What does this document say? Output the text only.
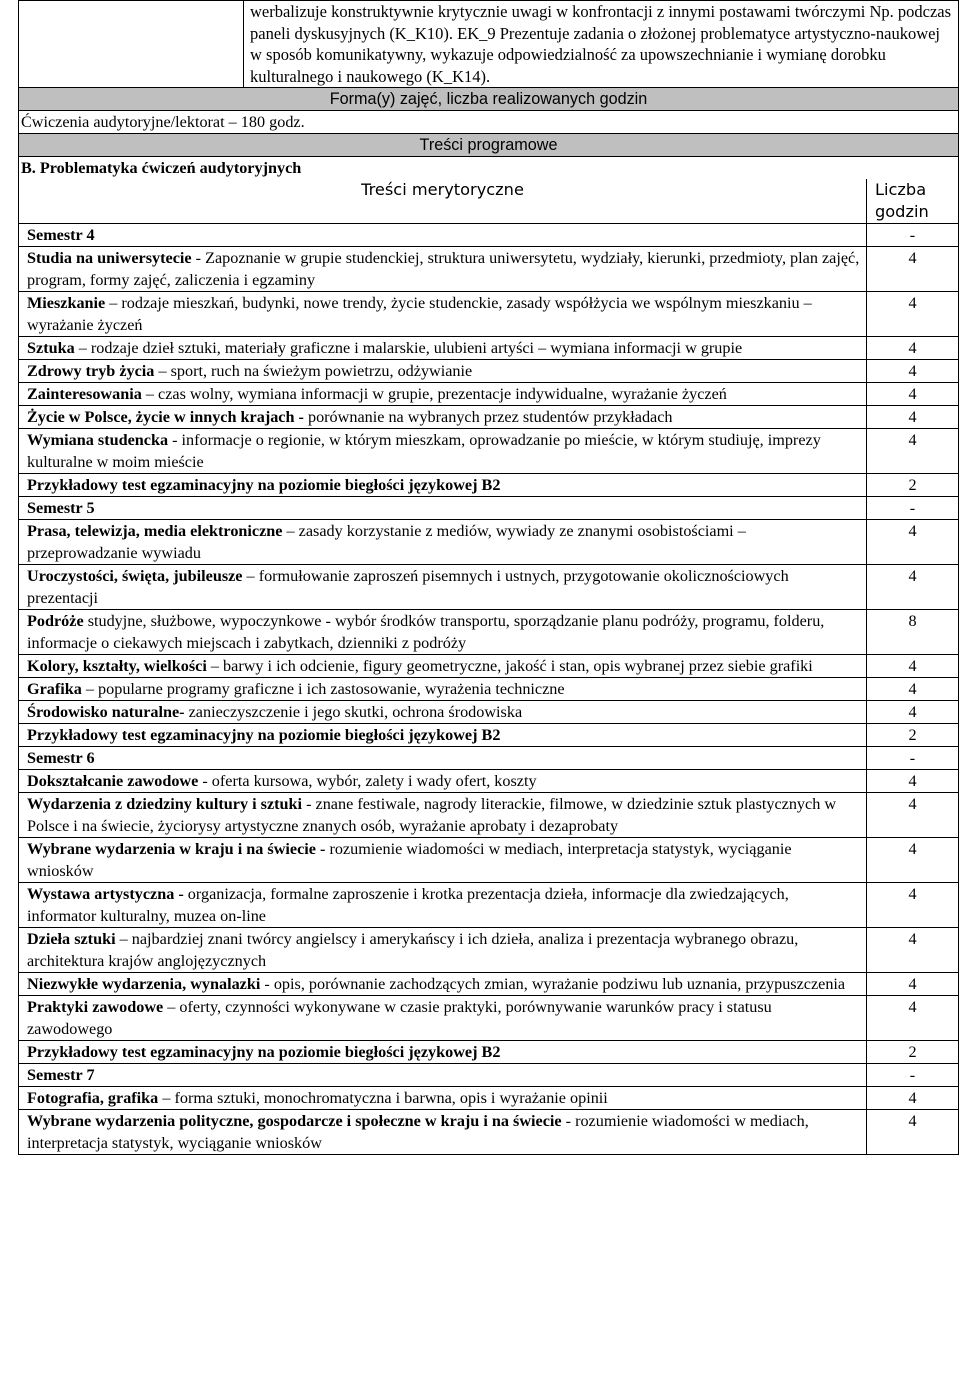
	werbalizuje konstruktywnie krytycznie uwagi w konfrontacji z innymi postawami twórczymi Np. podczas paneli dyskusyjnych (K_K10). EK_9 Prezentuje zadania o złożonej problematyce artystyczno-naukowej w sposób komunikatywny, wykazuje odpowiedzialność za upowszechnianie i wymianę dorobku kulturalnego i naukowego (K_K14).	
Forma(y) zajęć, liczba realizowanych godzin		
Ćwiczenia audytoryjne/lektorat – 180 godz.		
Treści programowe		
B. Problematyka ćwiczeń audytoryjnych		
Treści merytoryczne		Liczba godzin
Semestr 4		-
Studia na uniwersytecie - Zapoznanie w grupie studenckiej, struktura uniwersytetu, wydziały, kierunki, przedmioty, plan zajęć, program, formy zajęć, zaliczenia i egzaminy		4
Mieszkanie – rodzaje mieszkań, budynki, nowe trendy, życie studenckie, zasady współżycia we wspólnym mieszkaniu – wyrażanie życzeń		4
Sztuka – rodzaje dzieł sztuki, materiały graficzne i malarskie, ulubieni artyści – wymiana informacji w grupie		4
Zdrowy tryb życia – sport, ruch na świeżym powietrzu, odżywianie		4
Zainteresowania – czas wolny, wymiana informacji w grupie, prezentacje indywidualne, wyrażanie życzeń		4
Życie w Polsce, życie w innych krajach - porównanie na wybranych przez studentów przykładach		4
Wymiana studencka - informacje o regionie, w którym mieszkam, oprowadzanie po mieście, w którym studiuję, imprezy kulturalne w moim mieście		4
Przykładowy test egzaminacyjny na poziomie biegłości językowej B2		2
Semestr 5		-
Prasa, telewizja, media elektroniczne – zasady korzystanie z mediów, wywiady ze znanymi osobistościami – przeprowadzanie wywiadu		4
Uroczystości, święta, jubileusze – formułowanie zaproszeń pisemnych i ustnych, przygotowanie okolicznościowych prezentacji		4
Podróże studyjne, służbowe, wypoczynkowe - wybór środków transportu, sporządzanie planu podróży, programu, folderu, informacje o ciekawych miejscach i zabytkach, dzienniki z podróży		8
Kolory, kształty, wielkości – barwy i ich odcienie, figury geometryczne, jakość i stan, opis wybranej przez siebie grafiki		4
Grafika – popularne programy graficzne i ich zastosowanie, wyrażenia techniczne		4
Środowisko naturalne- zanieczyszczenie i jego skutki, ochrona środowiska		4
Przykładowy test egzaminacyjny na poziomie biegłości językowej B2		2
Semestr 6		-
Dokształcanie zawodowe - oferta kursowa, wybór, zalety i wady ofert, koszty		4
Wydarzenia z dziedziny kultury i sztuki - znane festiwale, nagrody literackie, filmowe, w dziedzinie sztuk plastycznych w Polsce i na świecie, życiorysy artystyczne znanych osób, wyrażanie aprobaty i dezaprobaty		4
Wybrane wydarzenia w kraju i na świecie - rozumienie wiadomości w mediach, interpretacja statystyk, wyciąganie wniosków		4
Wystawa artystyczna - organizacja, formalne zaproszenie i krotka prezentacja dzieła, informacje dla zwiedzających, informator kulturalny, muzea on-line		4
Dzieła sztuki – najbardziej znani twórcy angielscy i amerykańscy i ich dzieła, analiza i prezentacja wybranego obrazu, architektura krajów anglojęzycznych		4
Niezwykłe wydarzenia, wynalazki - opis, porównanie zachodzących zmian, wyrażanie podziwu lub uznania, przypuszczenia		4
Praktyki zawodowe – oferty, czynności wykonywane w czasie praktyki, porównywanie warunków pracy i statusu zawodowego		4
Przykładowy test egzaminacyjny na poziomie biegłości językowej B2		2
Semestr 7		-
Fotografia, grafika – forma sztuki, monochromatyczna i barwna, opis i wyrażanie opinii		4
Wybrane wydarzenia polityczne, gospodarcze i społeczne w kraju i na świecie - rozumienie wiadomości w mediach, interpretacja statystyk, wyciąganie wniosków		4
